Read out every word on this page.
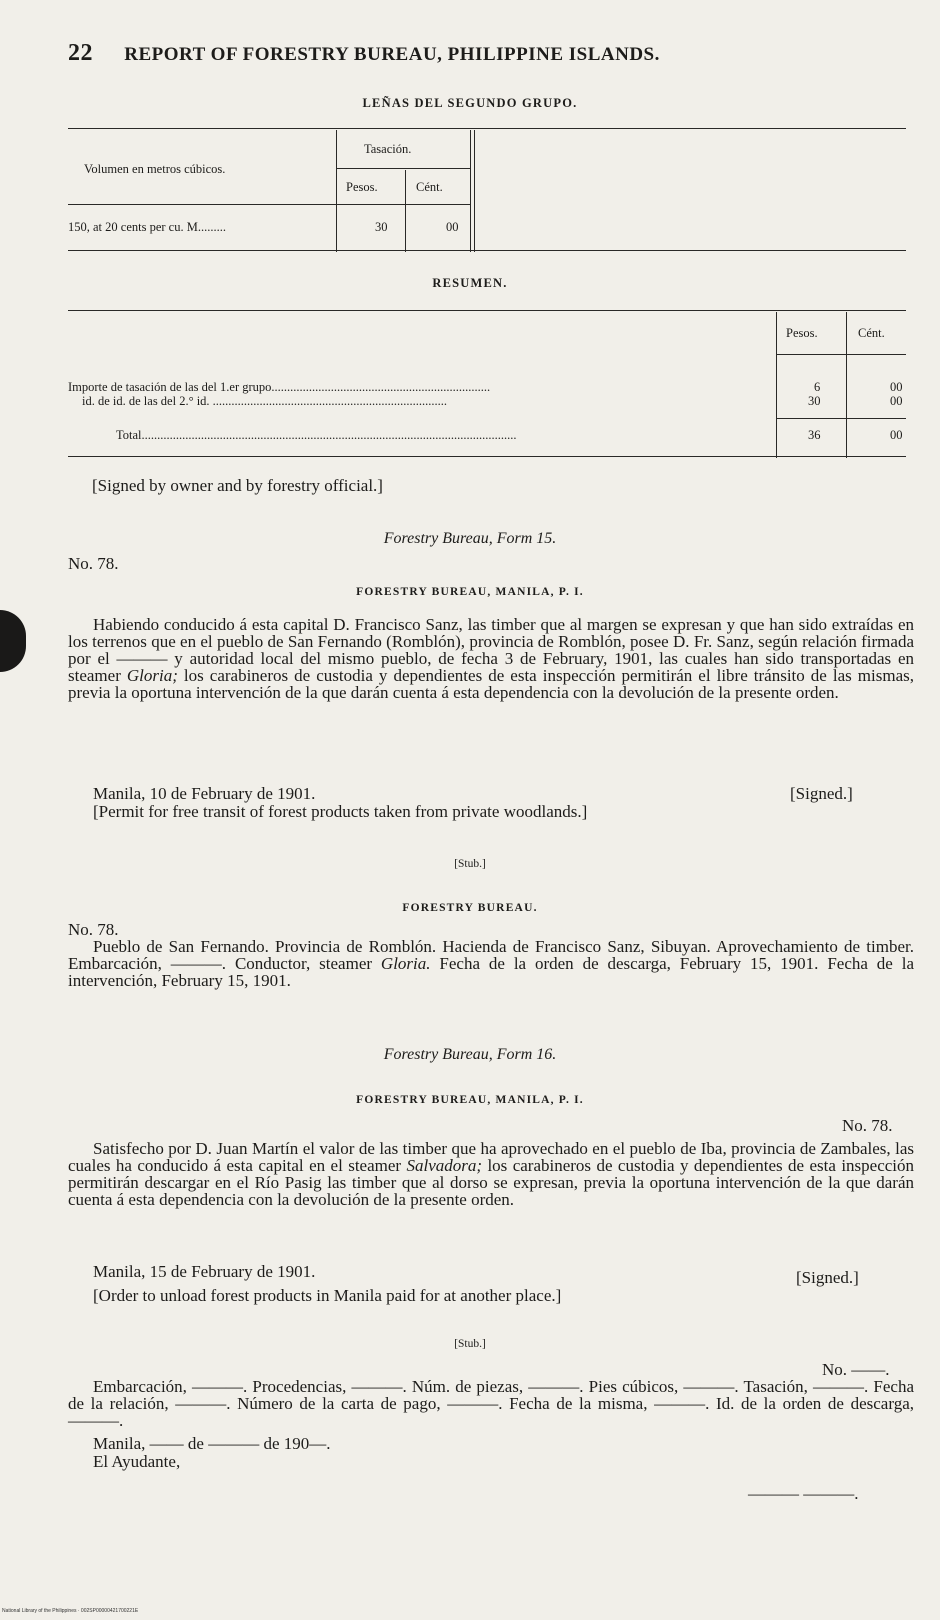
22 REPORT OF FORESTRY BUREAU, PHILIPPINE ISLANDS.
LEÑAS DEL SEGUNDO GRUPO.
Volumen en metros cúbicos.
Tasación.
Pesos.	Cént.
150, at 20 cents per cu. M.........	30	00
RESUMEN.
Pesos.	Cént.
Importe de tasación de las del 1.er grupo......................................................................	6	00
id. de id. de las del 2.° id. ...........................................................................	30	00
Total........................................................................................................................	36	00
[Signed by owner and by forestry official.]
Forestry Bureau, Form 15.
No. 78.
FORESTRY BUREAU, MANILA, P. I.
Habiendo conducido á esta capital D. Francisco Sanz, las timber que al margen se expresan y que han sido extraídas en los terrenos que en el pueblo de San Fernando (Romblón), provincia de Romblón, posee D. Fr. Sanz, según relación firmada por el ——— y autoridad local del mismo pueblo, de fecha 3 de February, 1901, las cuales han sido transportadas en steamer Gloria; los carabineros de custodia y dependientes de esta inspección permitirán el libre tránsito de las mismas, previa la oportuna intervención de la que darán cuenta á esta dependencia con la devolución de la presente orden.
Manila, 10 de February de 1901.	[Signed.]
[Permit for free transit of forest products taken from private woodlands.]
[Stub.]
FORESTRY BUREAU.
No. 78.
Pueblo de San Fernando. Provincia de Romblón. Hacienda de Francisco Sanz, Sibuyan. Aprovechamiento de timber. Embarcación, ———. Conductor, steamer Gloria. Fecha de la orden de descarga, February 15, 1901. Fecha de la intervención, February 15, 1901.
Forestry Bureau, Form 16.
FORESTRY BUREAU, MANILA, P. I.
No. 78.
Satisfecho por D. Juan Martín el valor de las timber que ha aprovechado en el pueblo de Iba, provincia de Zambales, las cuales ha conducido á esta capital en el steamer Salvadora; los carabineros de custodia y dependientes de esta inspección permitirán descargar en el Río Pasig las timber que al dorso se expresan, previa la oportuna intervención de la que darán cuenta á esta dependencia con la devolución de la presente orden.
Manila, 15 de February de 1901.	[Signed.]
[Order to unload forest products in Manila paid for at another place.]
[Stub.]
No. ——.
Embarcación, ———. Procedencias, ———. Núm. de piezas, ———. Pies cúbicos, ———. Tasación, ———. Fecha de la relación, ———. Número de la carta de pago, ———. Fecha de la misma, ———. Id. de la orden de descarga, ———.
Manila, —— de ——— de 190—.
El Ayudante,
——— ———.
National Library of the Philippines · 002SP00000421700221E
